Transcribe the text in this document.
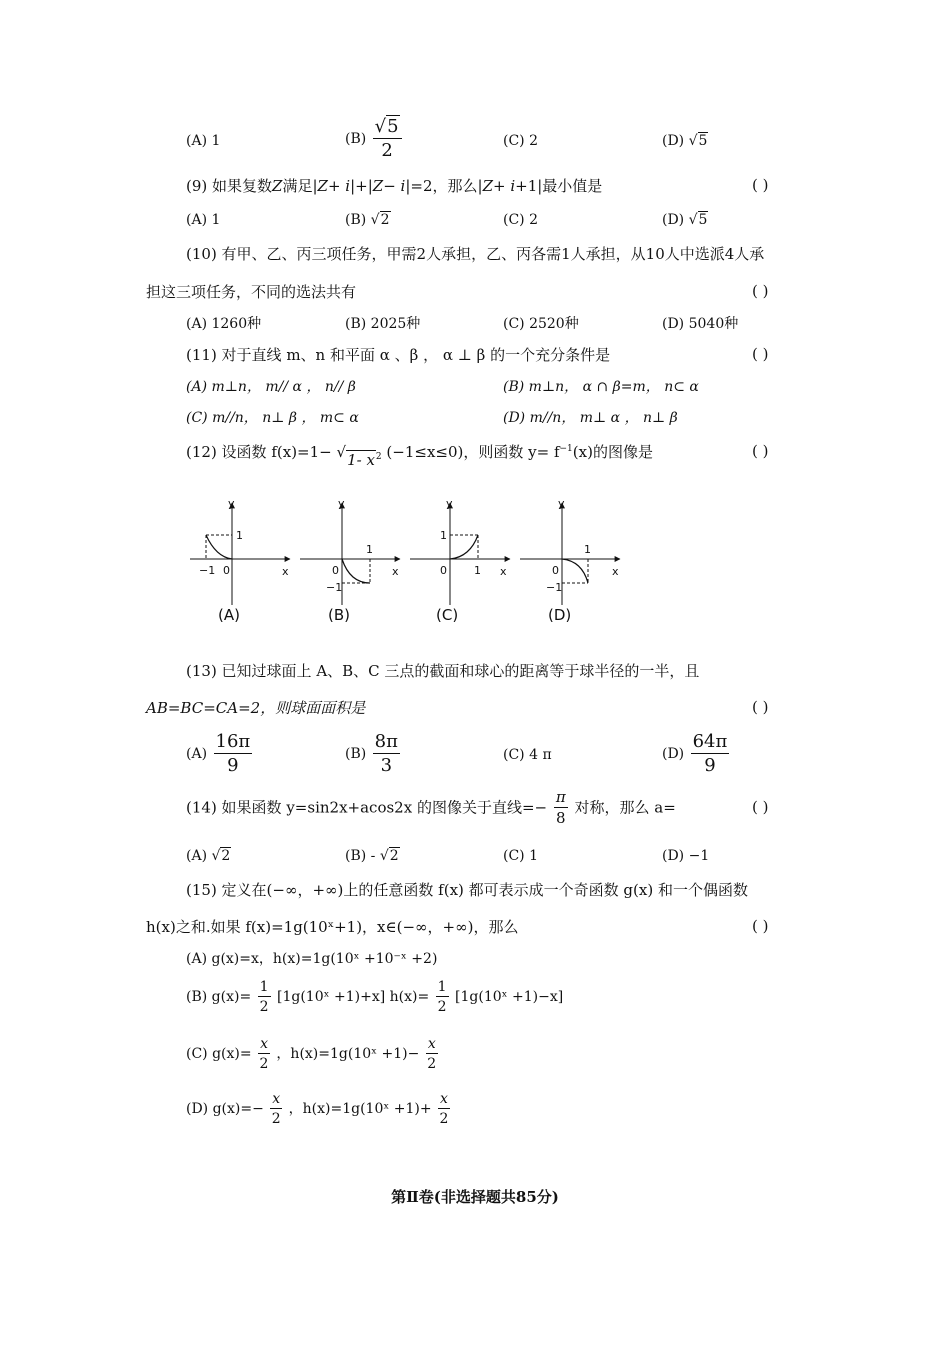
(A) 1	$(B) \frac{√5}{2}$	(C) 2	(D) √5
(9) 如果复数Z满足|Z+ i|+|Z− i|=2，那么|Z+ i+1|最小值是	( )
(A) 1	(B) √2	(C) 2	(D) √5
(10) 有甲、乙、丙三项任务，甲需2人承担，乙、丙各需1人承担，从10人中选派4人承
担这三项任务，不同的选法共有	( )
(A) 1260种	(B) 2025种	(C) 2520种	(D) 5040种
(11) 对于直线 m、n 和平面 α 、β ， α ⊥ β 的一个充分条件是	( )
(A) m⊥n， m// α ， n// β	(B) m⊥n， α ∩ β=m， n⊂ α
(C) m//n， n⊥ β ， m⊂ α	(D) m//n， m⊥ α ， n⊥ β
(12) 设函数 f(x)=1− √1- $x^2$ (−1≤x≤0)，则函数 $y= f^{-1}(x)$的图像是	( )
−1 0
1
x
y
(A)
0
−1
1
x
y
(B)
1
0 1 x
y
(C)
0
−1
1
x
y
(D)
(13) 已知过球面上 A、B、C 三点的截面和球心的距离等于球半径的一半，且
AB=BC=CA=2，则球面面积是	( )
$(A) \frac{16\pi}{9}$	$(B) \frac{8\pi}{3}$	(C) 4 π	$(D) \frac{64\pi}{9}$
(14) 如果函数 y=sin2x+acos2x 的图像关于直线=− $\frac{\pi}{8}$ 对称，那么 a=	( )
(A) √2	(B) - √2	(C) 1	(D) −1
(15) 定义在(−∞，+∞)上的任意函数 f(x) 都可表示成一个奇函数 g(x) 和一个偶函数
h(x)之和.如果 f(x)=1g(10ˣ+1)，x∈(−∞，+∞)，那么	( )
(A) g(x)=x，h(x)=1g(10ˣ +10⁻ˣ +2)
(B) $g(x)= \frac{1}{2}$ [1g(10ˣ +1)+x] $h(x)= \frac{1}{2}$ [1g(10ˣ +1)−x]
(C) $g(x)= \frac{x}{2}$ ，h(x)=1g(10ˣ $+1)- \frac{x}{2}$
(D) $g(x)=- \frac{x}{2}$ ，h(x)=1g(10ˣ $+1)+ \frac{x}{2}$
第Ⅱ卷(非选择题共85分)
